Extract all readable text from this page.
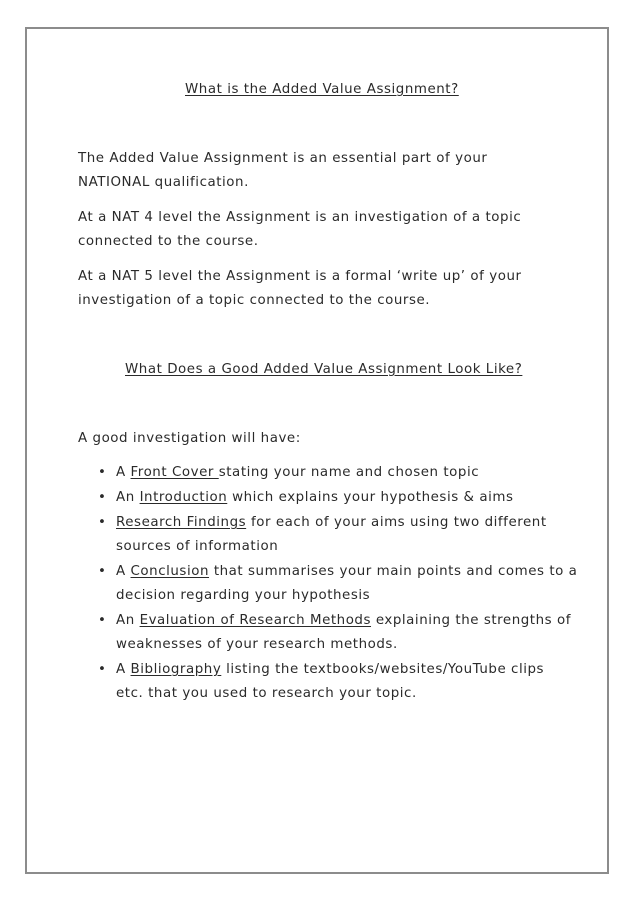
What is the Added Value Assignment?
The Added Value Assignment is an essential part of your
NATIONAL qualification.
At a NAT 4 level the Assignment is an investigation of a topic
connected to the course.
At a NAT 5 level the Assignment is a formal ‘write up’ of your
investigation of a topic connected to the course.
What Does a Good Added Value Assignment Look Like?
A good investigation will have:
• A Front Cover stating your name and chosen topic
• An Introduction which explains your hypothesis & aims
• Research Findings for each of your aims using two different
sources of information
• A Conclusion that summarises your main points and comes to a
decision regarding your hypothesis
• An Evaluation of Research Methods explaining the strengths of
weaknesses of your research methods.
• A Bibliography listing the textbooks/websites/YouTube clips
etc. that you used to research your topic.
